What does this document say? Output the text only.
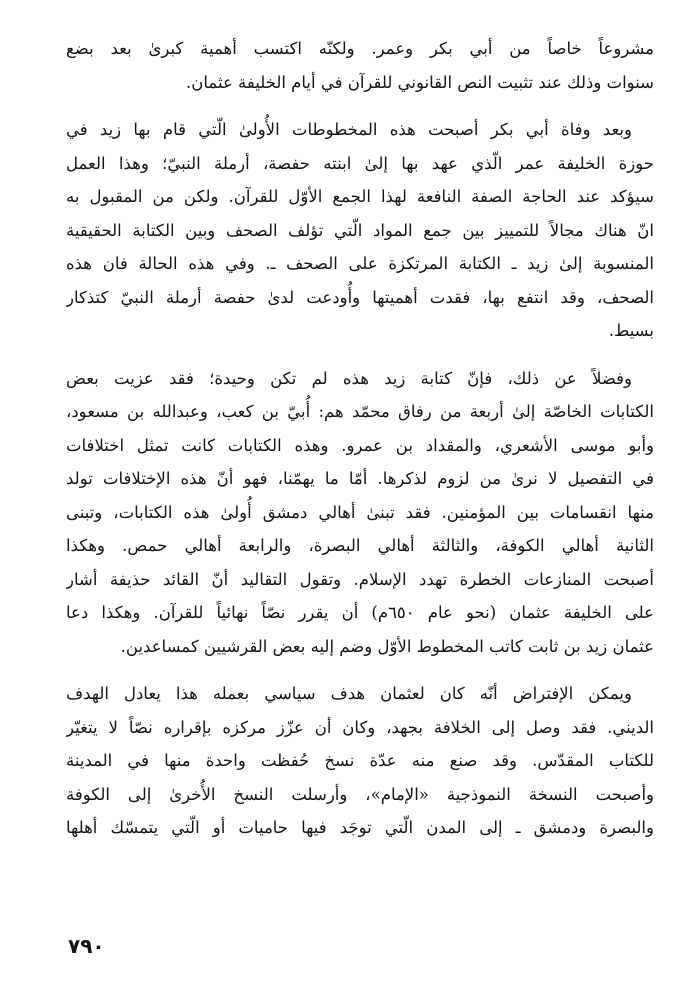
مشروعاً خاصاً من أبي بكر وعمر. ولكنّه اكتسب أهمية كبرىٰ بعد بضع
سنوات وذلك عند تثبيت النص القانوني للقرآن في أيام الخليفة عثمان.

وبعد وفاة أبي بكر أصبحت هذه المخطوطات الأُولىٰ الّتي قام بها زيد في
حوزة الخليفة عمر الّذي عهد بها إلىٰ ابنته حفصة، أرملة النبيّ؛ وهذا العمل
سيؤكد عند الحاجة الصفة النافعة لهذا الجمع الأوّل للقرآن. ولكن من المقبول به
انّ هناك مجالاً للتمييز بين جمع المواد الّتي تؤلف الصحف وبين الكتابة الحقيقية
المنسوبة إلىٰ زيد ـ الكتابة المرتكزة على الصحف ـ. وفي هذه الحالة فان هذه
الصحف، وقد انتفع بها، فقدت أهميتها وأُودعت لدىٰ حفصة أرملة النبيّ كتذكار
بسيط.

وفضلاً عن ذلك، فإنّ كتابة زيد هذه لم تكن وحيدة؛ فقد عزيت بعض
الكتابات الخاصّة إلىٰ أربعة من رفاق محمّد هم: أُبيّ بن كعب، وعبدالله بن مسعود،
وأبو موسى الأشعري، والمقداد بن عمرو. وهذه الكتابات كانت تمثل اختلافات
في التفصيل لا نرىٰ من لزوم لذكرها. أمّا ما يهمّنا، فهو أنّ هذه الإختلافات تولد
منها انقسامات بين المؤمنين. فقد تبنىٰ أهالي دمشق أُولىٰ هذه الكتابات، وتبنى
الثانية أهالي الكوفة، والثالثة أهالي البصرة، والرابعة أهالي حمص. وهكذا
أصبحت المنازعات الخطرة تهدد الإسلام. وتقول التقاليد أنّ القائد حذيفة أشار
على الخليفة عثمان (نحو عام ٦٥٠م) أن يقرر نصّاً نهائياً للقرآن. وهكذا دعا
عثمان زيد بن ثابت كاتب المخطوط الأوّل وضم إليه بعض القرشيين كمساعدين.

ويمكن الإفتراض أنّه كان لعثمان هدف سياسي بعمله هذا يعادل الهدف
الديني. فقد وصل إلى الخلافة بجهد، وكان أن عزّز مركزه بإقراره نصّاً لا يتغيّر
للكتاب المقدّس. وقد صنع منه عدّة نسخ حُفظت واحدة منها في المدينة
وأصبحت النسخة النموذجية «الإمام»، وأرسلت النسخ الأُخرىٰ إلى الكوفة
والبصرة ودمشق ـ إلى المدن الّتي توجَد فيها حاميات أو الّتي يتمسّك أهلها

٧٩٠
